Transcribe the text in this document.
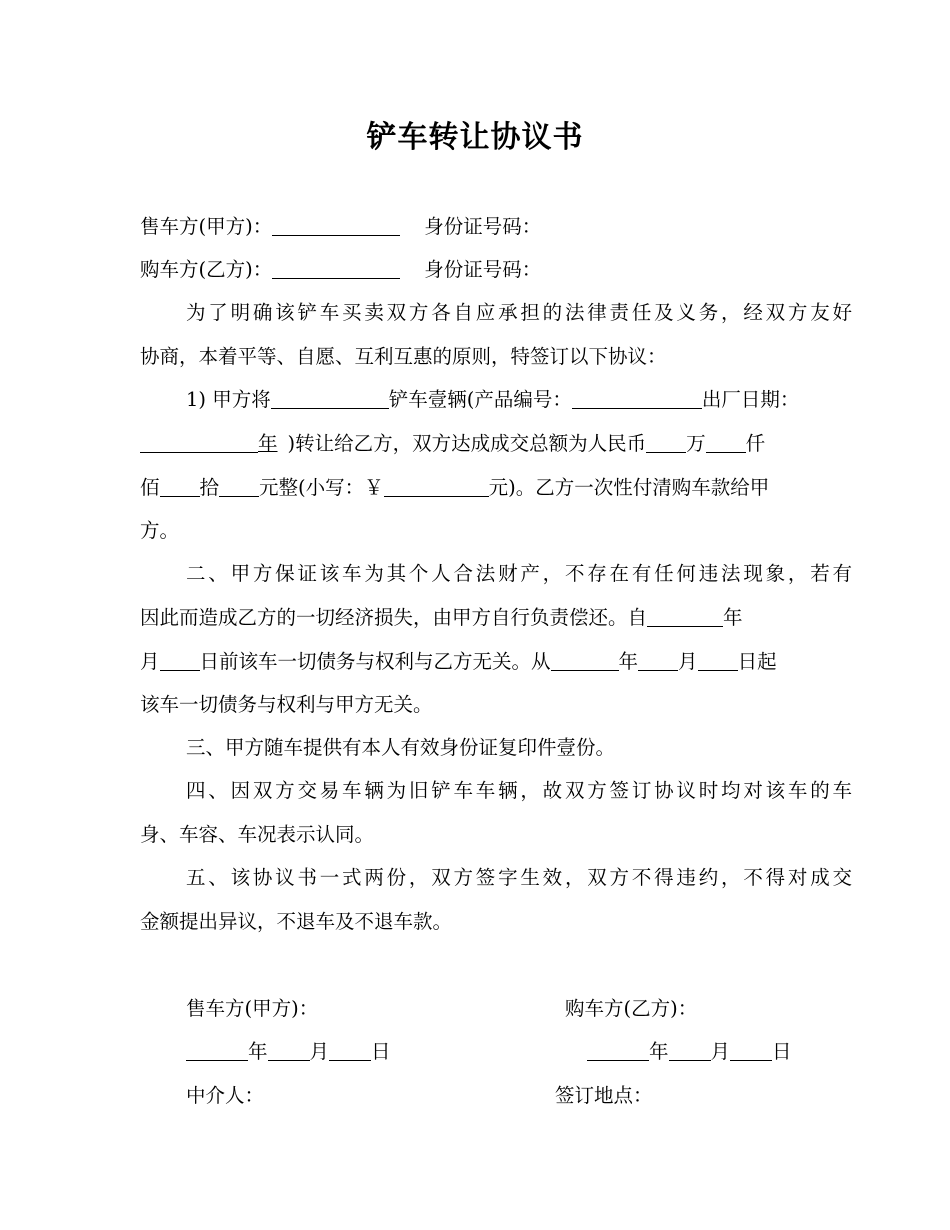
铲车转让协议书
售车方(甲方)：	身份证号码：
购车方(乙方)：	身份证号码：
为了明确该铲车买卖双方各自应承担的法律责任及义务，经双方友好
协商，本着平等、自愿、互利互惠的原则，特签订以下协议：
1) 甲方将	铲车壹辆(产品编号：	出厂日期：
年 )转让给乙方，双方达成成交总额为人民币 万 仟
佰 拾 元整(小写：￥	元)。乙方一次性付清购车款给甲
方。
二、甲方保证该车为其个人合法财产，不存在有任何违法现象，若有
因此而造成乙方的一切经济损失，由甲方自行负责偿还。自	年
月 日前该车一切债务与权利与乙方无关。从	年 月 日起
该车一切债务与权利与甲方无关。
三、甲方随车提供有本人有效身份证复印件壹份。
四、因双方交易车辆为旧铲车车辆，故双方签订协议时均对该车的车
身、车容、车况表示认同。
五、该协议书一式两份，双方签字生效，双方不得违约，不得对成交
金额提出异议，不退车及不退车款。
售车方(甲方)：	购车方(乙方)：
年 月 日	年 月 日
中介人：	签订地点：
